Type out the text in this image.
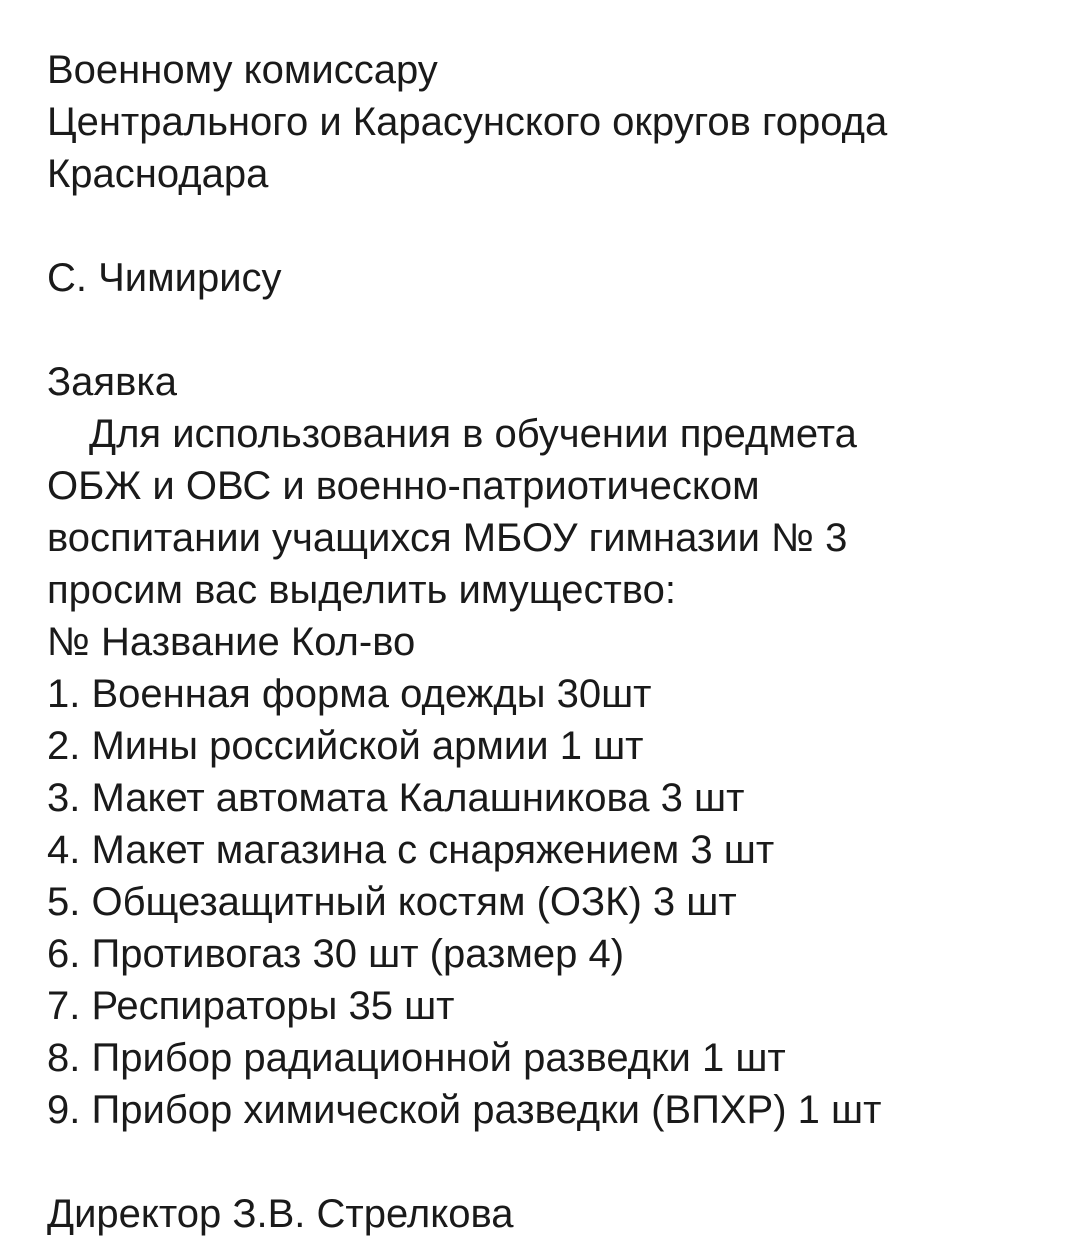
Военному комиссару
Центрального и Карасунского округов города
Краснодара
С. Чимирису
Заявка
Для использования в обучении предмета
ОБЖ и ОВС и военно-патриотическом
воспитании учащихся МБОУ гимназии № 3
просим вас выделить имущество:
№ Название Кол-во
1. Военная форма одежды 30шт
2. Мины российской армии 1 шт
3. Макет автомата Калашникова 3 шт
4. Макет магазина с снаряжением 3 шт
5. Общезащитный костям (ОЗК) 3 шт
6. Противогаз 30 шт (размер 4)
7. Респираторы 35 шт
8. Прибор радиационной разведки 1 шт
9. Прибор химической разведки (ВПХР) 1 шт
Директор З.В. Стрелкова
